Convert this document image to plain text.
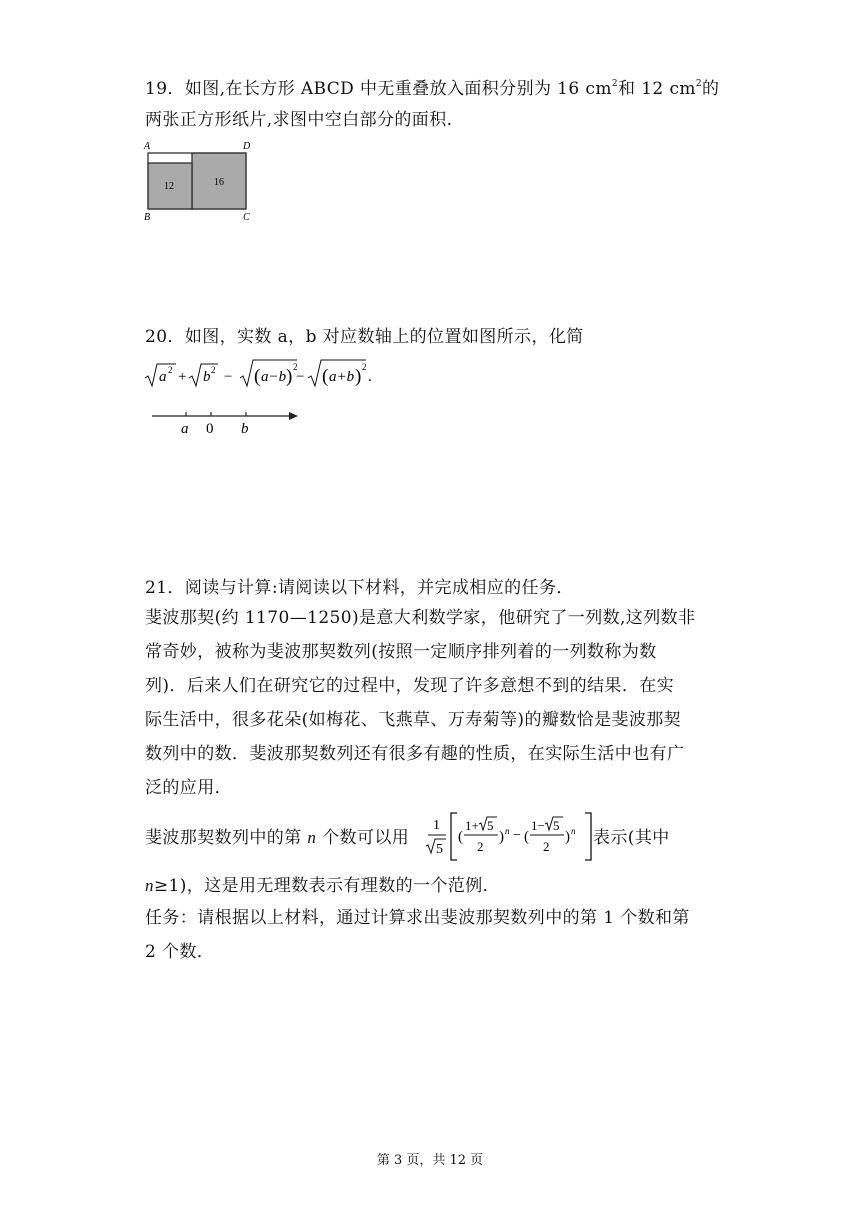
19．如图,在长方形 ABCD 中无重叠放入面积分别为 16 $cm^2$和 12 $cm^2$的
两张正方形纸片,求图中空白部分的面积.
A	D
B	C
12	16
20．如图，实数 a，b 对应数轴上的位置如图所示，化简
a 2 + b 2 − ( a−b ) 2
− ( a+b ) 2
.
a 0 b
21．阅读与计算:请阅读以下材料，并完成相应的任务．
斐波那契(约 1170—1250)是意大利数学家，他研究了一列数,这列数非
常奇妙，被称为斐波那契数列(按照一定顺序排列着的一列数称为数
列)．后来人们在研究它的过程中，发现了许多意想不到的结果．在实
际生活中，很多花朵(如梅花、飞燕草、万寿菊等)的瓣数恰是斐波那契
数列中的数．斐波那契数列还有很多有趣的性质，在实际生活中也有广
泛的应用．
斐波那契数列中的第 n 个数可以用
1
5
(
1+ 5
2
) n − (
1− 5
2
) n 表示(其中
n≥1)，这是用无理数表示有理数的一个范例．
任务：请根据以上材料，通过计算求出斐波那契数列中的第 1 个数和第
2 个数．
第 3 页，共 12 页
